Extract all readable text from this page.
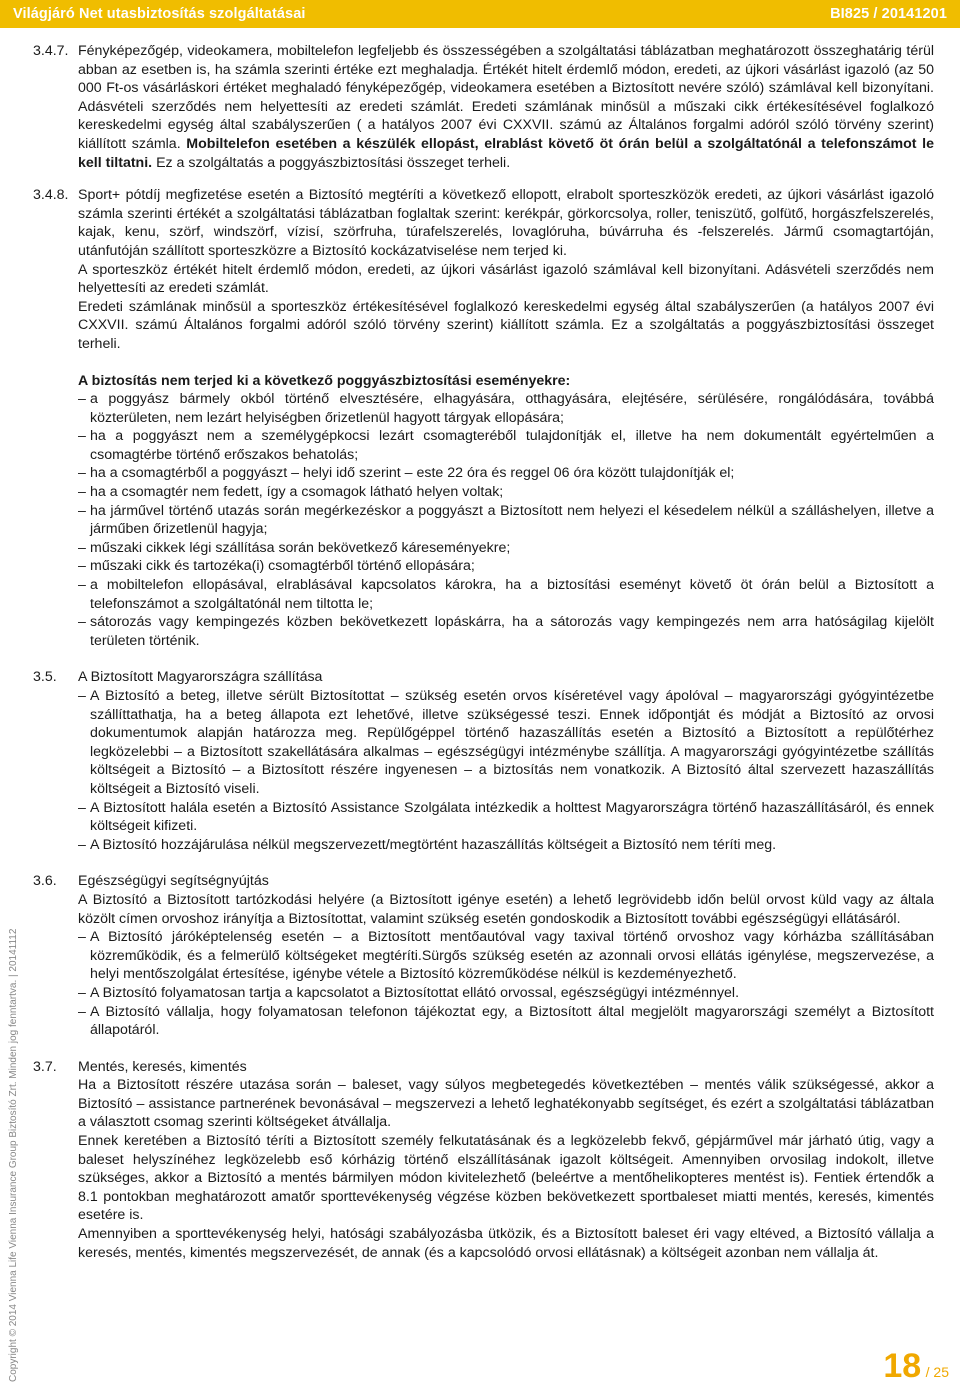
Világjáró Net utasbiztosítás szolgáltatásai	BI825 / 20141201
Copyright © 2014 Vienna Life Vienna Insurance Group Biztosító Zrt. Minden jog fenntartva. | 20141112
3.4.7. Fényképezőgép, videokamera, mobiltelefon legfeljebb és összességében a szolgáltatási táblázatban meghatározott összeghatárig térül abban az esetben is, ha számla szerinti értéke ezt meghaladja. Értékét hitelt érdemlő módon, eredeti, az újkori vásárlást igazoló (az 50 000 Ft-os vásárláskori értéket meghaladó fényképezőgép, videokamera esetében a Biztosított nevére szóló) számlával kell bizonyítani. Adásvételi szerződés nem helyettesíti az eredeti számlát. Eredeti számlának minősül a műszaki cikk értékesítésével foglalkozó kereskedelmi egység által szabályszerűen ( a hatályos 2007 évi CXXVII. számú az Általános forgalmi adóról szóló törvény szerint) kiállított számla. Mobiltelefon esetében a készülék ellopást, elrablást követő öt órán belül a szolgáltatónál a telefonszámot le kell tiltatni. Ez a szolgáltatás a poggyászbiztosítási összeget terheli.

3.4.8. Sport+ pótdíj megfizetése esetén a Biztosító megtéríti a következő ellopott, elrabolt sporteszközök eredeti, az újkori vásárlást igazoló számla szerinti értékét a szolgáltatási táblázatban foglaltak szerint: kerékpár, görkorcsolya, roller, teniszütő, golfütő, horgászfelszerelés, kajak, kenu, szörf, windszörf, vízisí, szörfruha, túrafelszerelés, lovaglóruha, búvárruha és -felszerelés. Jármű csomagtartóján, utánfutóján szállított sporteszközre a Biztosító kockázatviselése nem terjed ki.

A sporteszköz értékét hitelt érdemlő módon, eredeti, az újkori vásárlást igazoló számlával kell bizonyítani. Adásvételi szerződés nem helyettesíti az eredeti számlát.

Eredeti számlának minősül a sporteszköz értékesítésével foglalkozó kereskedelmi egység által szabályszerűen (a hatályos 2007 évi CXXVII. számú Általános forgalmi adóról szóló törvény szerint) kiállított számla. Ez a szolgáltatás a poggyászbiztosítási összeget terheli.

A biztosítás nem terjed ki a következő poggyászbiztosítási eseményekre:

– a poggyász bármely okból történő elvesztésére, elhagyására, otthagyására, elejtésére, sérülésére, rongálódására, továbbá közterületen, nem lezárt helyiségben őrizetlenül hagyott tárgyak ellopására;
– ha a poggyászt nem a személygépkocsi lezárt csomagteréből tulajdonítják el, illetve ha nem dokumentált egyértelműen a csomagtérbe történő erőszakos behatolás;
– ha a csomagtérből a poggyászt – helyi idő szerint – este 22 óra és reggel 06 óra között tulajdonítják el;
– ha a csomagtér nem fedett, így a csomagok látható helyen voltak;
– ha járművel történő utazás során megérkezéskor a poggyászt a Biztosított nem helyezi el késedelem nélkül a szálláshelyen, illetve a járműben őrizetlenül hagyja;
– műszaki cikkek légi szállítása során bekövetkező káreseményekre;
– műszaki cikk és tartozéka(i) csomagtérből történő ellopására;
– a mobiltelefon ellopásával, elrablásával kapcsolatos károkra, ha a biztosítási eseményt követő öt órán belül a Biztosított a telefonszámot a szolgáltatónál nem tiltotta le;
– sátorozás vagy kempingezés közben bekövetkezett lopáskárra, ha a sátorozás vagy kempingezés nem arra hatóságilag kijelölt területen történik.
3.5.	A Biztosított Magyarországra szállítása

– A Biztosító a beteg, illetve sérült Biztosítottat – szükség esetén orvos kíséretével vagy ápolóval – magyarországi gyógyintézetbe szállíttathatja, ha a beteg állapota ezt lehetővé, illetve szükségessé teszi. Ennek időpontját és módját a Biztosító az orvosi dokumentumok alapján határozza meg. Repülőgéppel történő hazaszállítás esetén a Biztosító a Biztosított a repülőtérhez legközelebbi – a Biztosított szakellátására alkalmas – egészségügyi intézménybe szállítja. A magyarországi gyógyintézetbe szállítás költségeit a Biztosító – a Biztosított részére ingyenesen – a biztosítás nem vonatkozik. A Biztosító által szervezett hazaszállítás költségeit a Biztosító viseli.
– A Biztosított halála esetén a Biztosító Assistance Szolgálata intézkedik a holttest Magyarországra történő hazaszállításáról, és ennek költségeit kifizeti.
– A Biztosító hozzájárulása nélkül megszervezett/megtörtént hazaszállítás költségeit a Biztosító nem téríti meg.
3.6.	Egészségügyi segítségnyújtás

A Biztosító a Biztosított tartózkodási helyére (a Biztosított igénye esetén) a lehető legrövidebb időn belül orvost küld vagy az általa közölt címen orvoshoz irányítja a Biztosítottat, valamint szükség esetén gondoskodik a Biztosított további egészségügyi ellátásáról.

– A Biztosító járóképtelenség esetén – a Biztosított mentőautóval vagy taxival történő orvoshoz vagy kórházba szállításában közreműködik, és a felmerülő költségeket megtéríti.Sürgős szükség esetén az azonnali orvosi ellátás igénylése, megszervezése, a helyi mentőszolgálat értesítése, igénybe vétele a Biztosító közreműködése nélkül is kezdeményezhető.
– A Biztosító folyamatosan tartja a kapcsolatot a Biztosítottat ellátó orvossal, egészségügyi intézménnyel.
– A Biztosító vállalja, hogy folyamatosan telefonon tájékoztat egy, a Biztosított által megjelölt magyarországi személyt a Biztosított állapotáról.
3.7.	Mentés, keresés, kimentés

Ha a Biztosított részére utazása során – baleset, vagy súlyos megbetegedés következtében – mentés válik szükségessé, akkor a Biztosító – assistance partnerének bevonásával – megszervezi a lehető leghatékonyabb segítséget, és ezért a szolgáltatási táblázatban a választott csomag szerinti költségeket átvállalja.

Ennek keretében a Biztosító téríti a Biztosított személy felkutatásának és a legközelebb fekvő, gépjárművel már járható útig, vagy a baleset helyszínéhez legközelebb eső kórházig történő elszállításának igazolt költségeit. Amennyiben orvosilag indokolt, illetve szükséges, akkor a Biztosító a mentés bármilyen módon kivitelezhető (beleértve a mentőhelikopteres mentést is). Fentiek értendők a 8.1 pontokban meghatározott amatőr sporttevékenység végzése közben bekövetkezett sportbaleset miatti mentés, keresés, kimentés esetére is.

Amennyiben a sporttevékenység helyi, hatósági szabályozásba ütközik, és a Biztosított baleset éri vagy eltéved, a Biztosító vállalja a keresés, mentés, kimentés megszervezését, de annak (és a kapcsolódó orvosi ellátásnak) a költségeit azonban nem vállalja át.

18 / 25
